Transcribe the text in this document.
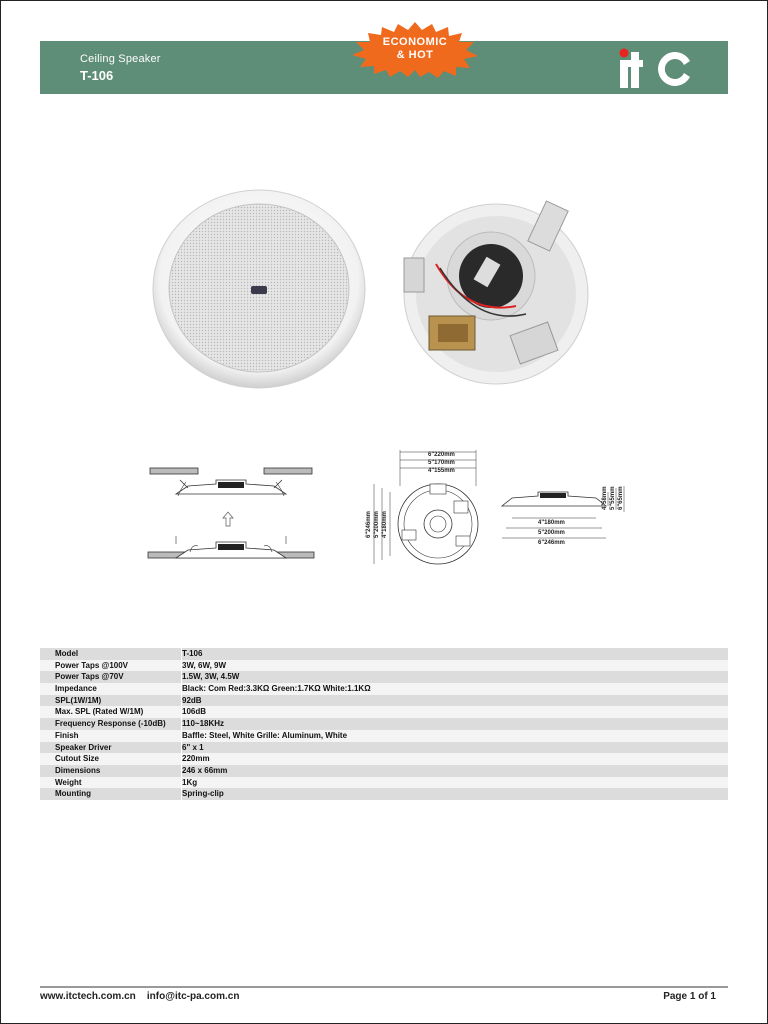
Ceiling Speaker
T-106
ECONOMIC
& HOT
6"220mm
5"170mm
4"155mm
6"246mm 5"200mm 4"180mm
4"58mm 5"55mm 6"65mm
4"180mm
5"200mm
6"246mm
Model	T-106
Power Taps @100V	3W, 6W, 9W
Power Taps @70V	1.5W, 3W, 4.5W
Impedance	Black: Com Red:3.3KΩ Green:1.7KΩ White:1.1KΩ
SPL(1W/1M)	92dB
Max. SPL (Rated W/1M)	106dB
Frequency Response (-10dB)	110~18KHz
Finish	Baffle: Steel, White Grille: Aluminum, White
Speaker Driver	6" x 1
Cutout Size	220mm
Dimensions	246 x 66mm
Weight	1Kg
Mounting	Spring-clip
www.itctech.com.cn info@itc-pa.com.cn	Page 1 of 1
